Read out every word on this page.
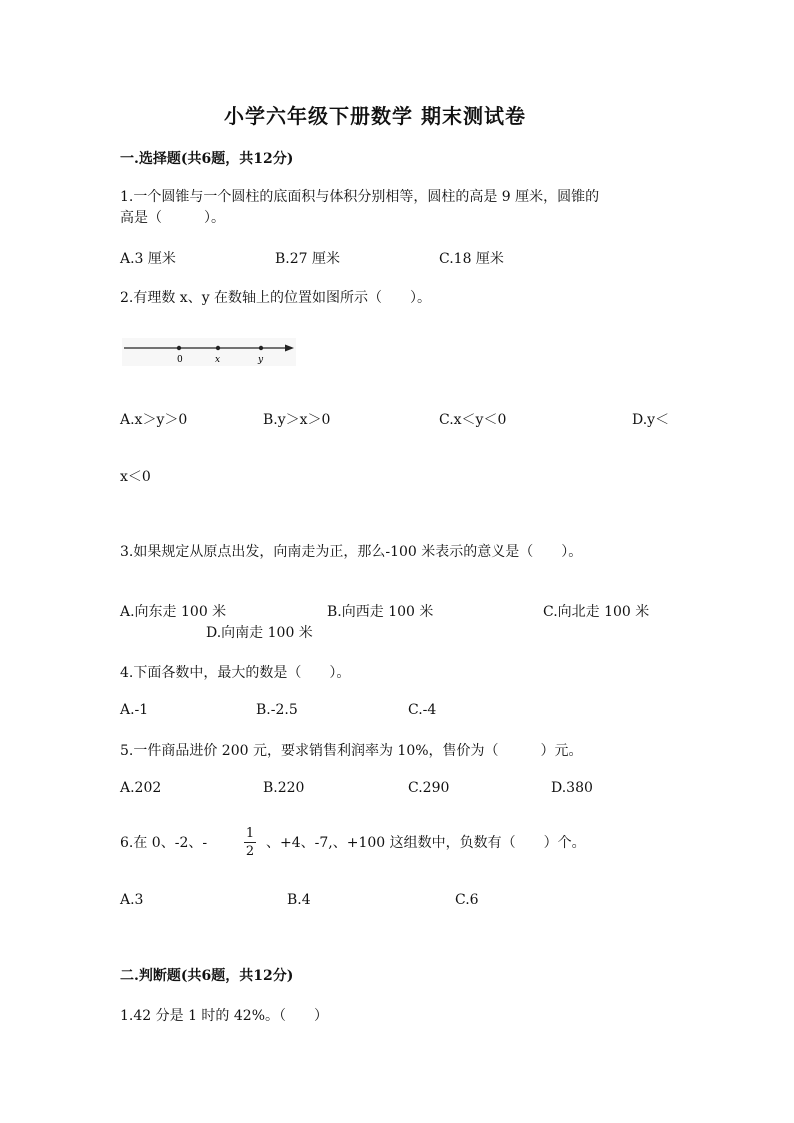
小学六年级下册数学 期末测试卷
一.选择题(共6题，共12分)
1.一个圆锥与一个圆柱的底面积与体积分别相等，圆柱的高是 9 厘米，圆锥的
高是（　　　）。
A.3 厘米	B.27 厘米	C.18 厘米
2.有理数 x、y 在数轴上的位置如图所示（　　）。
0	x	y
A.x＞y＞0	B.y＞x＞0	C.x＜y＜0	D.y＜
x＜0
3.如果规定从原点出发，向南走为正，那么-100 米表示的意义是（　　）。
A.向东走 100 米	B.向西走 100 米	C.向北走 100 米
D.向南走 100 米
4.下面各数中，最大的数是（　　）。
A.-1	B.-2.5	C.-4
5.一件商品进价 200 元，要求销售利润率为 10%，售价为（　　　）元。
A.202	B.220	C.290	D.380
6.在 0、-2、-
1
2
、+4、-7,、+100 这组数中，负数有（　　）个。
A.3	B.4	C.6
二.判断题(共6题，共12分)
1.42 分是 1 时的 42%。（　　）
